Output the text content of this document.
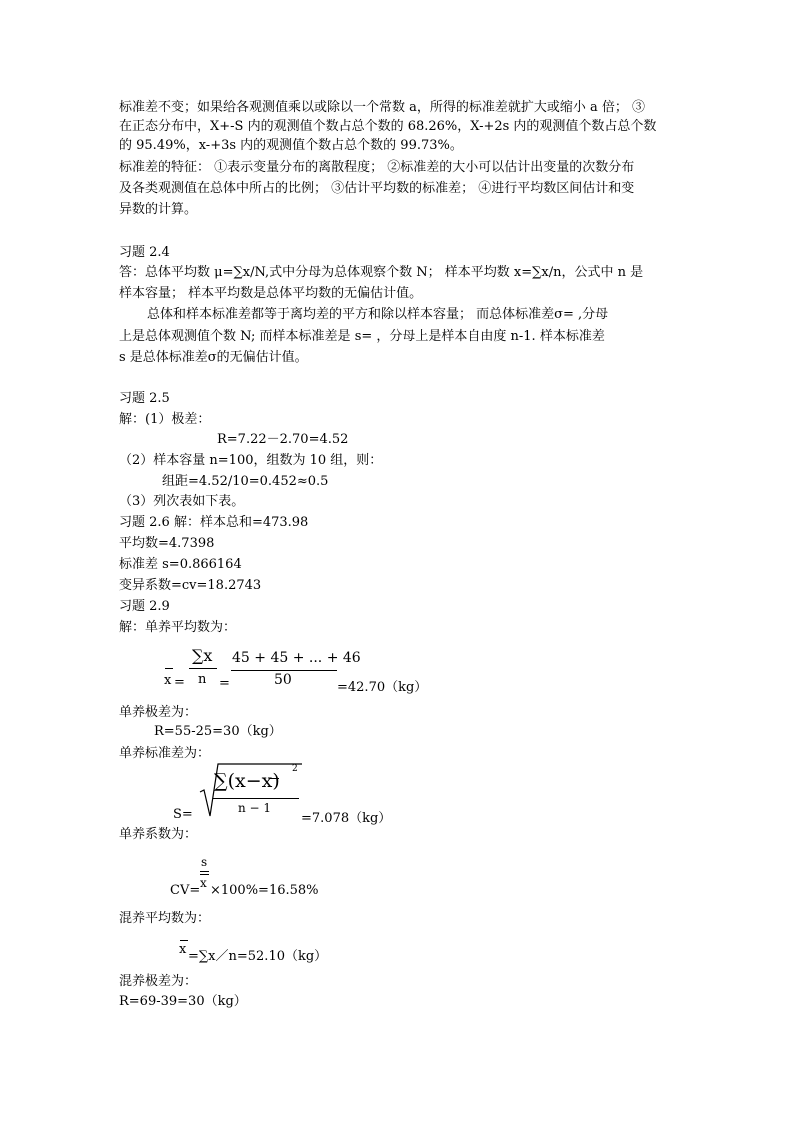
标准差不变；如果给各观测值乘以或除以一个常数 a，所得的标准差就扩大或缩小 a 倍； ③
在正态分布中，X+-S 内的观测值个数占总个数的 68.26%，X-+2s 内的观测值个数占总个数
的 95.49%，x-+3s 内的观测值个数占总个数的 99.73%。
标准差的特征： ①表示变量分布的离散程度； ②标准差的大小可以估计出变量的次数分布
及各类观测值在总体中所占的比例； ③估计平均数的标准差； ④进行平均数区间估计和变
异数的计算。
习题 2.4
答：总体平均数 μ=∑x/N,式中分母为总体观察个数 N； 样本平均数 x=∑x/n，公式中 n 是
样本容量； 样本平均数是总体平均数的无偏估计值。
总体和样本标准差都等于离均差的平方和除以样本容量； 而总体标准差σ= ,分母
上是总体观测值个数 N; 而样本标准差是 s= ，分母上是样本自由度 n-1. 样本标准差
s 是总体标准差σ的无偏估计值。
习题 2.5
解：(1）极差：
R=7.22－2.70=4.52
（2）样本容量 n=100，组数为 10 组，则：
组距=4.52/10=0.452≈0.5
（3）列次表如下表。
习题 2.6 解：样本总和=473.98
平均数=4.7398
标准差 s=0.866164
变异系数=cv=18.2743
习题 2.9
解：单养平均数为：
x =
∑x
n =
45 + 45 + ... + 46
50	=42.70（kg）
单养极差为：
R=55-25=30（kg）
单养标准差为：
S=
∑(x−x)
2
n − 1
=7.078（kg）
单养系数为：
s
x
CV= ×100%=16.58%
混养平均数为：
x =∑x／n=52.10（kg）
混养极差为：
R=69-39=30（kg）
